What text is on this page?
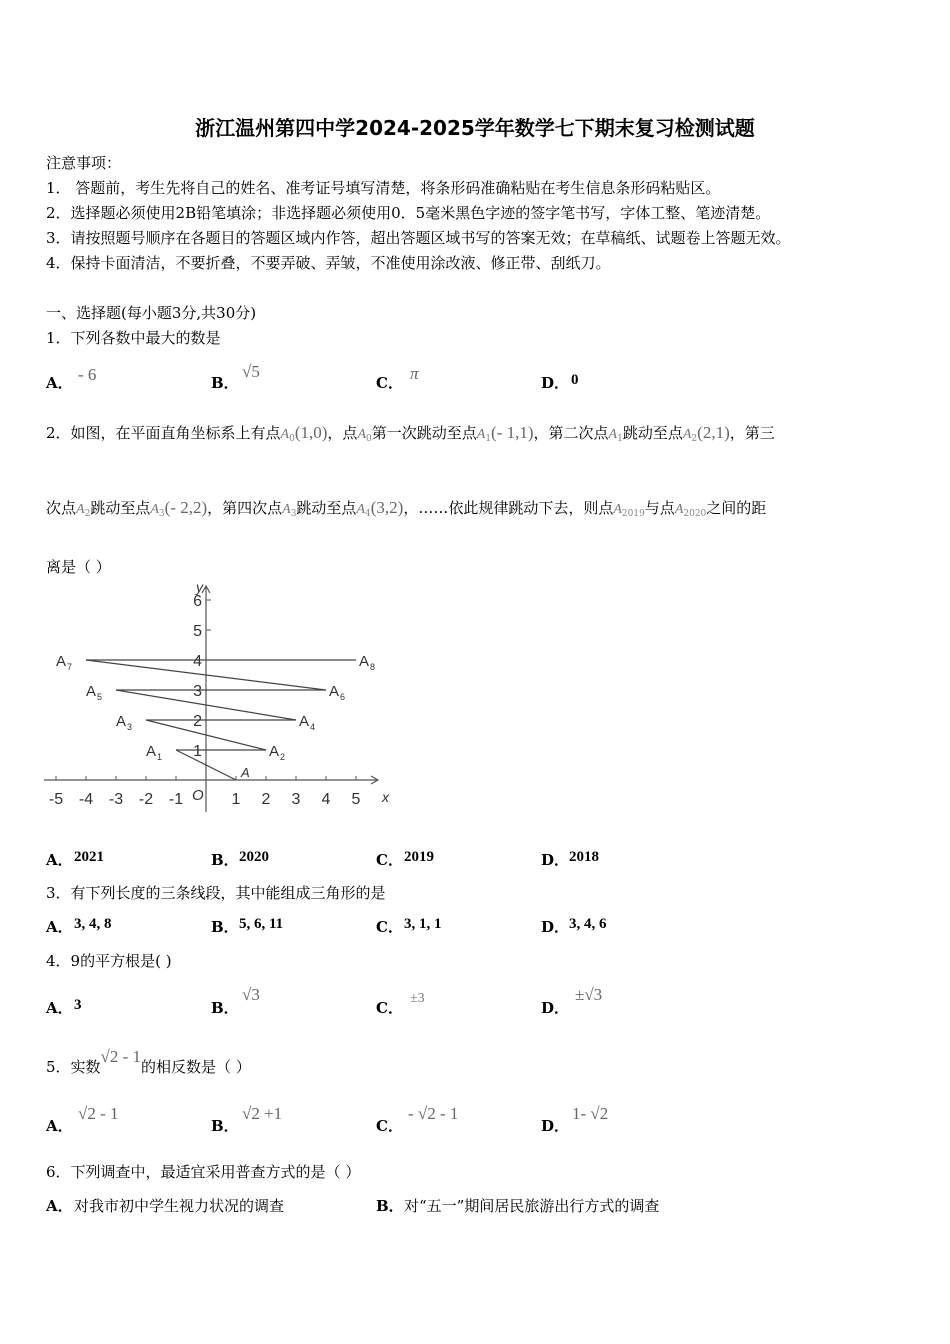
浙江温州第四中学2024-2025学年数学七下期末复习检测试题
注意事项：
1． 答题前，考生先将自己的姓名、准考证号填写清楚，将条形码准确粘贴在考生信息条形码粘贴区。
2．选择题必须使用2B铅笔填涂；非选择题必须使用0．5毫米黑色字迹的签字笔书写，字体工整、笔迹清楚。
3．请按照题号顺序在各题目的答题区域内作答，超出答题区域书写的答案无效；在草稿纸、试题卷上答题无效。
4．保持卡面清洁，不要折叠，不要弄破、弄皱，不准使用涂改液、修正带、刮纸刀。
一、选择题(每小题3分,共30分)
1．下列各数中最大的数是
A． - 6	B．
√5
C． π	D． 0
2．如图，在平面直角坐标系上有点$A_0(1,0)$，点$A_0$第一次跳动至点$A_1(-$ 1,1)，第二次点$A_1$跳动至点$A_2(2,1)$，第三
次点$A_2$跳动至点$A_3(-$ 2,2)，第四次点$A_3$跳动至点$A_4(3,2)$，……依此规律跳动下去，则点$A_{2019}$与点$A_{2020}$之间的距
离是（ ）
x
y
O
-5 -4 -3 -2 -1	1 2 3 4 5
1
2
3
4
5
6
A
A 1	A 2
A 3	A 4
A 5	A 6
A 7	A 8
A． 2021	B． 2020	C． 2019	D． 2018
3．有下列长度的三条线段，其中能组成三角形的是
A． 3, 4, 8	B． 5, 6, 11	C． 3, 1, 1	D． 3, 4, 6
4．9的平方根是( )
A． 3	B．
√3
C．
±3
D．
±√3
5．实数√2 - 1的相反数是（ ）
A．
√2 - 1
B．
√2 +1
C．
- √2 - 1
D．
1- √2
6．下列调查中，最适宜采用普查方式的是（ ）
A． 对我市初中学生视力状况的调查	B． 对“五一”期间居民旅游出行方式的调查
